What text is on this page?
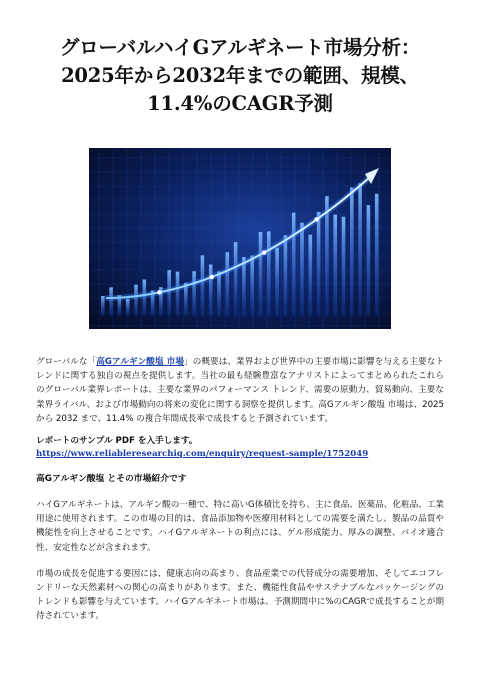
グローバルハイGアルギネート市場分析：2025年から2032年までの範囲、規模、11.4%のCAGR予測

グローバルな「高Gアルギン酸塩 市場」の概要は、業界および世界中の主要市場に影響を与える主要なトレンドに関する独自の視点を提供します。当社の最も経験豊富なアナリストによってまとめられたこれらのグローバル業界レポートは、主要な業界のパフォーマンス トレンド、需要の原動力、貿易動向、主要な業界ライバル、および市場動向の将来の変化に関する洞察を提供します。高Gアルギン酸塩 市場は、2025 から 2032 まで、11.4% の複合年間成長率で成長すると予測されています。

レポートのサンプル PDF を入手します。 https://www.reliableresearchiq.com/enquiry/request-sample/1752049
高Gアルギン酸塩 とその市場紹介です

ハイGアルギネートは、アルギン酸の一種で、特に高いG体積比を持ち、主に食品、医薬品、化粧品、工業用途に使用されます。この市場の目的は、食品添加物や医療用材料としての需要を満たし、製品の品質や機能性を向上させることです。ハイGアルギネートの利点には、ゲル形成能力、厚みの調整、バイオ適合性、安定性などが含まれます。

市場の成長を促進する要因には、健康志向の高まり、食品産業での代替成分の需要増加、そしてエコフレンドリーな天然素材への関心の高まりがあります。また、機能性食品やサステナブルなパッケージングのトレンドも影響を与えています。ハイGアルギネート市場は、予測期間中に%のCAGRで成長することが期待されています。
